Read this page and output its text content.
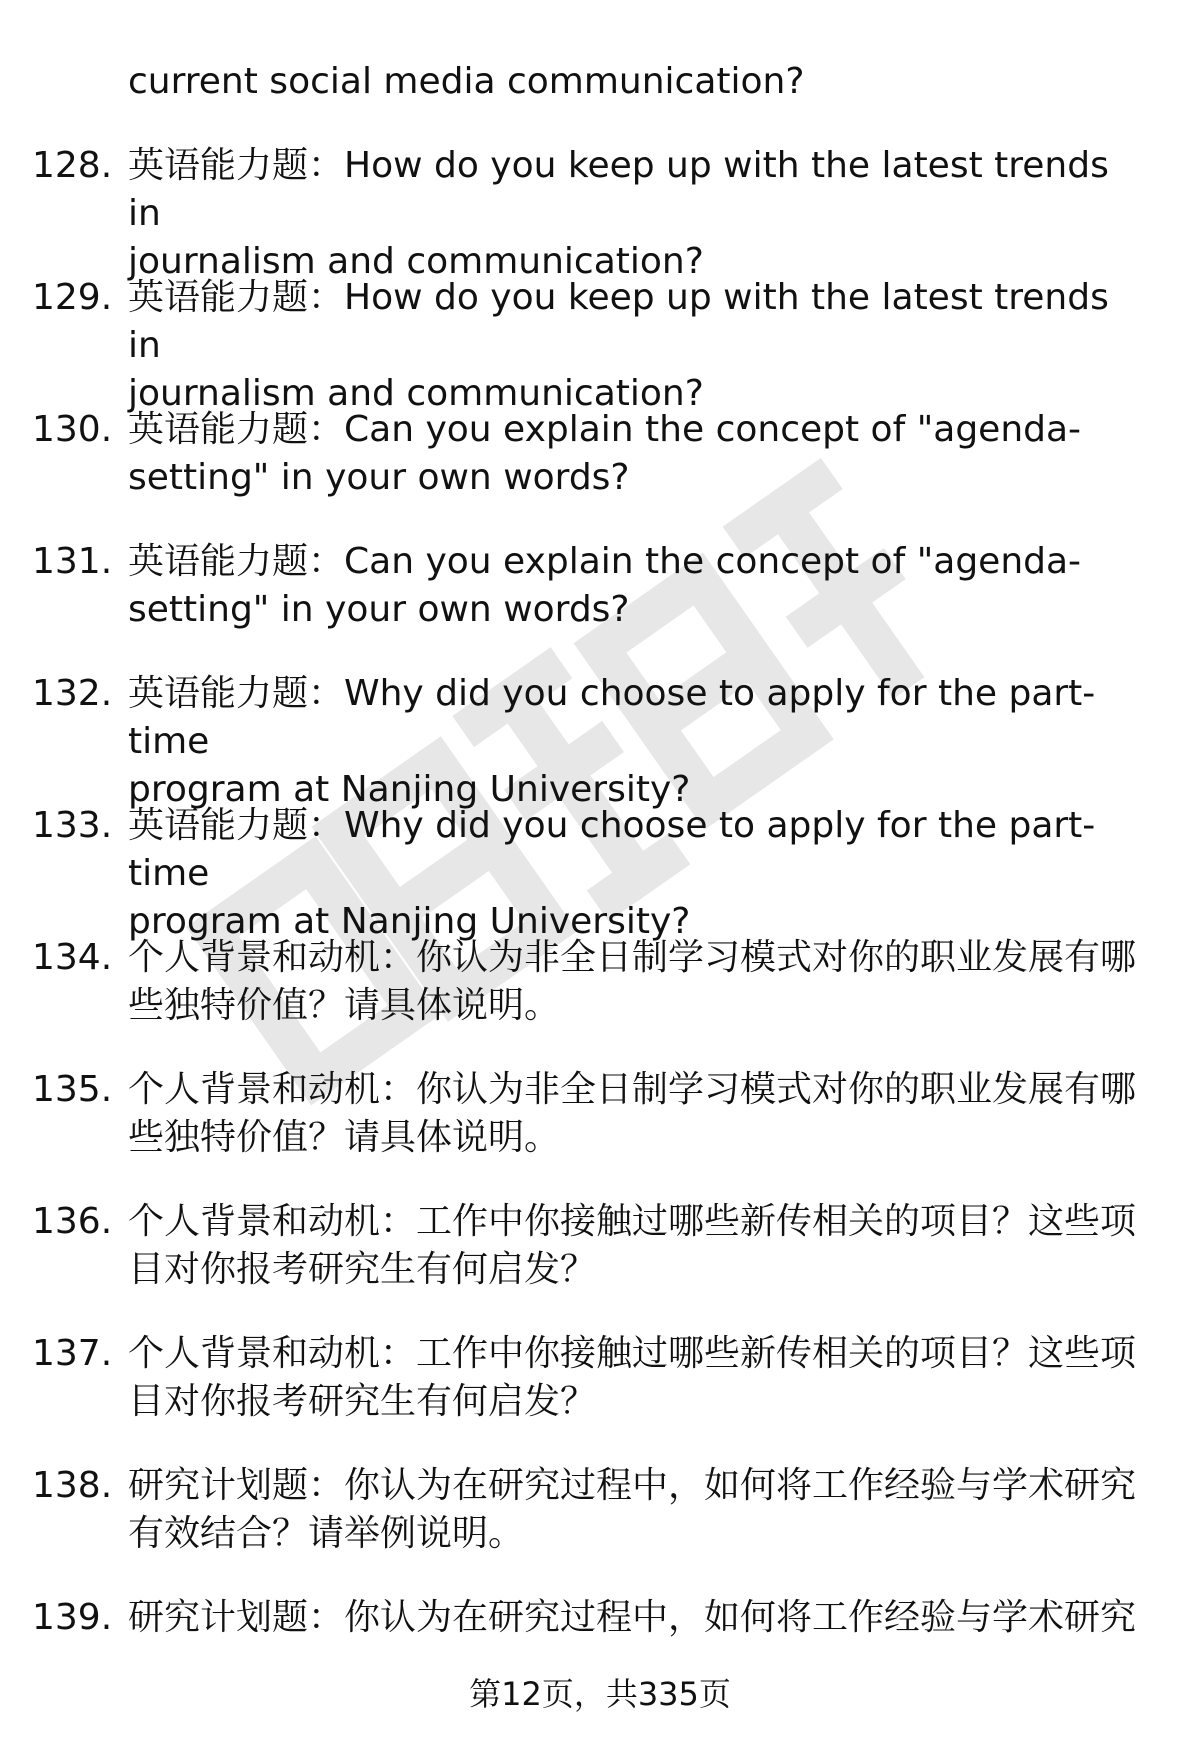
current social media communication?
128. 英语能力题：How do you keep up with the latest trends in
journalism and communication?
129. 英语能力题：How do you keep up with the latest trends in
journalism and communication?
130. 英语能力题：Can you explain the concept of "agenda-
setting" in your own words?
131. 英语能力题：Can you explain the concept of "agenda-
setting" in your own words?
132. 英语能力题：Why did you choose to apply for the part-time
program at Nanjing University?
133. 英语能力题：Why did you choose to apply for the part-time
program at Nanjing University?
134. 个人背景和动机：你认为非全日制学习模式对你的职业发展有哪
些独特价值？请具体说明。
135. 个人背景和动机：你认为非全日制学习模式对你的职业发展有哪
些独特价值？请具体说明。
136. 个人背景和动机：工作中你接触过哪些新传相关的项目？这些项
目对你报考研究生有何启发？
137. 个人背景和动机：工作中你接触过哪些新传相关的项目？这些项
目对你报考研究生有何启发？
138. 研究计划题：你认为在研究过程中，如何将工作经验与学术研究
有效结合？请举例说明。
139. 研究计划题：你认为在研究过程中，如何将工作经验与学术研究
第12页，共335页
